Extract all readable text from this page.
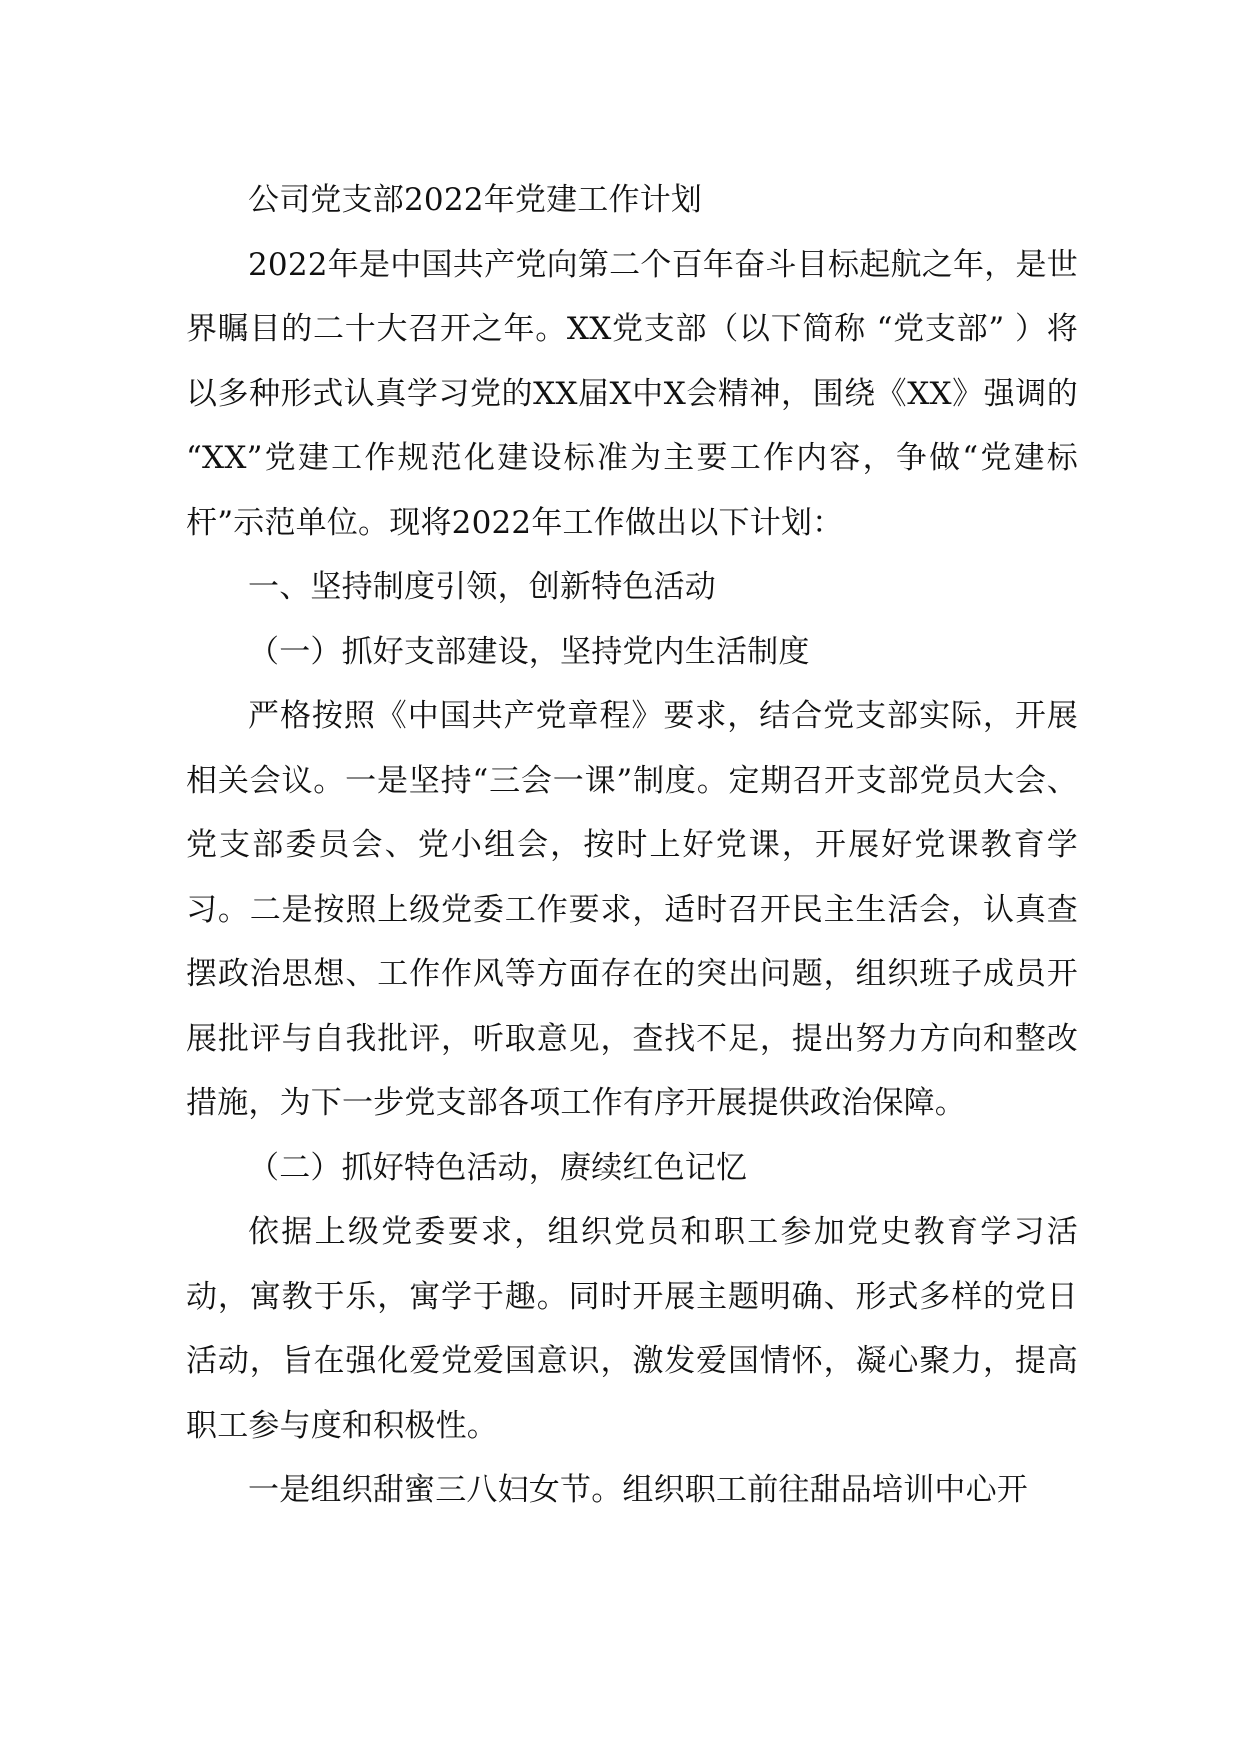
公司党支部2022年党建工作计划

2022年是中国共产党向第二个百年奋斗目标起航之年，是世界瞩目的二十大召开之年。XX党支部（以下简称 “党支部” ）将以多种形式认真学习党的XX届X中X会精神，围绕《XX》强调的 “XX”党建工作规范化建设标准为主要工作内容，争做“党建标杆”示范单位。现将2022年工作做出以下计划：

一、坚持制度引领，创新特色活动

（一）抓好支部建设，坚持党内生活制度

严格按照《中国共产党章程》要求，结合党支部实际，开展相关会议。一是坚持“三会一课”制度。定期召开支部党员大会、党支部委员会、党小组会，按时上好党课，开展好党课教育学习。二是按照上级党委工作要求，适时召开民主生活会，认真查摆政治思想、工作作风等方面存在的突出问题，组织班子成员开展批评与自我批评，听取意见，查找不足，提出努力方向和整改措施，为下一步党支部各项工作有序开展提供政治保障。

（二）抓好特色活动，赓续红色记忆

依据上级党委要求，组织党员和职工参加党史教育学习活动，寓教于乐，寓学于趣。同时开展主题明确、形式多样的党日活动，旨在强化爱党爱国意识，激发爱国情怀，凝心聚力，提高职工参与度和积极性。

一是组织甜蜜三八妇女节。组织职工前往甜品培训中心开
